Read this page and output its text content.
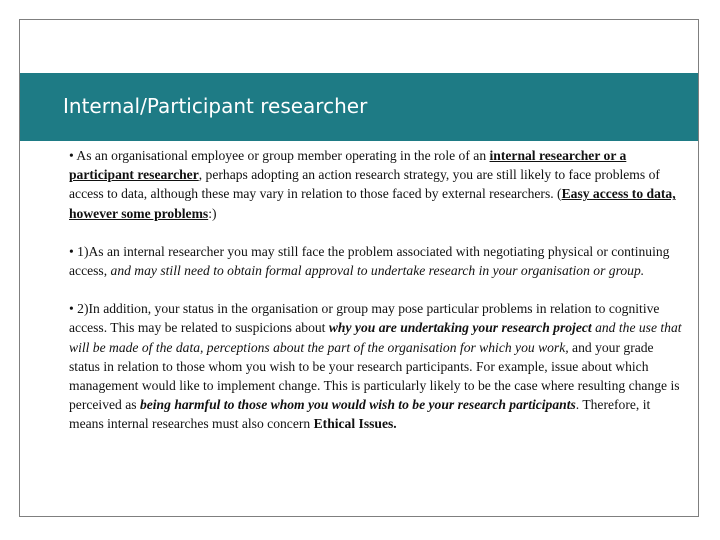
Internal/Participant researcher

• As an organisational employee or group member operating in the role of an internal researcher or a participant researcher, perhaps adopting an action research strategy, you are still likely to face problems of access to data, although these may vary in relation to those faced by external researchers. (Easy access to data, however some problems:)

• 1)As an internal researcher you may still face the problem associated with negotiating physical or continuing access, and may still need to obtain formal approval to undertake research in your organisation or group.

• 2)In addition, your status in the organisation or group may pose particular problems in relation to cognitive access. This may be related to suspicions about why you are undertaking your research project and the use that will be made of the data, perceptions about the part of the organisation for which you work, and your grade status in relation to those whom you wish to be your research participants. For example, issue about which management would like to implement change. This is particularly likely to be the case where resulting change is perceived as being harmful to those whom you would wish to be your research participants. Therefore, it means internal researches must also concern Ethical Issues.
